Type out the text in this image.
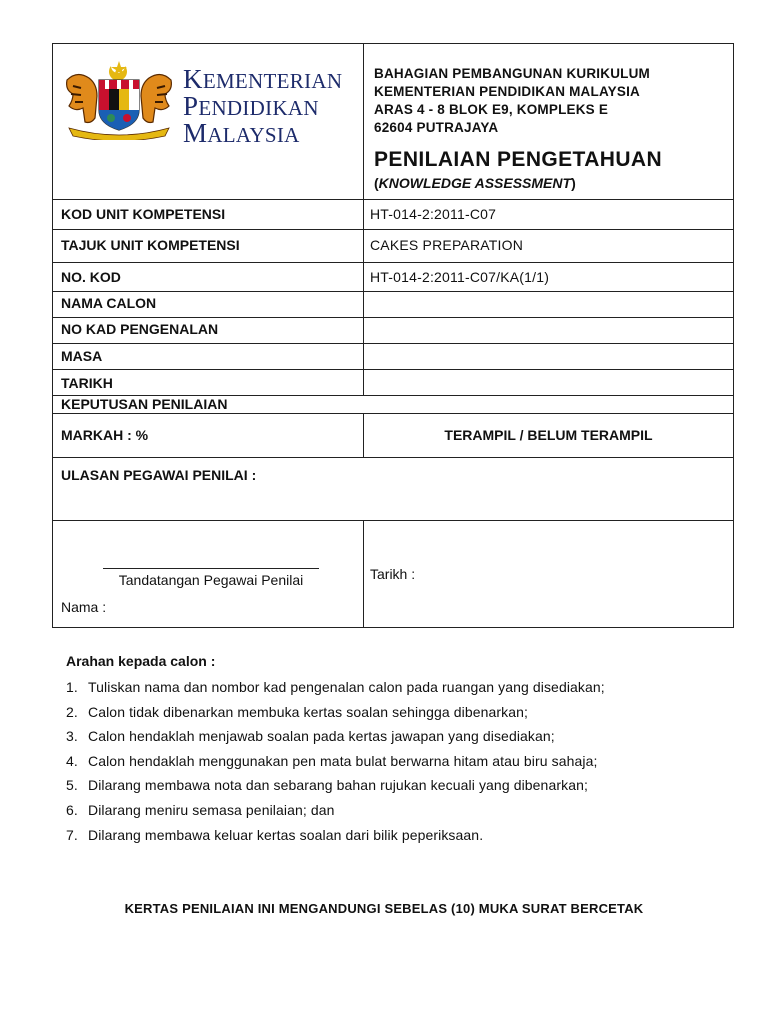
KEMENTERIAN
PENDIDIKAN
MALAYSIA
BAHAGIAN PEMBANGUNAN KURIKULUM
KEMENTERIAN PENDIDIKAN MALAYSIA
ARAS 4 - 8 BLOK E9, KOMPLEKS E
62604 PUTRAJAYA
PENILAIAN PENGETAHUAN
(KNOWLEDGE ASSESSMENT)
KOD UNIT KOMPETENSI	HT-014-2:2011-C07
TAJUK UNIT KOMPETENSI	CAKES PREPARATION
NO. KOD	HT-014-2:2011-C07/KA(1/1)
NAMA CALON
NO KAD PENGENALAN
MASA
TARIKH
KEPUTUSAN PENILAIAN
MARKAH : %	TERAMPIL / BELUM TERAMPIL
ULASAN PEGAWAI PENILAI :
Tandatangan Pegawai Penilai
Nama :
Tarikh :
Arahan kepada calon :
1. Tuliskan nama dan nombor kad pengenalan calon pada ruangan yang disediakan;
2. Calon tidak dibenarkan membuka kertas soalan sehingga dibenarkan;
3. Calon hendaklah menjawab soalan pada kertas jawapan yang disediakan;
4. Calon hendaklah menggunakan pen mata bulat berwarna hitam atau biru sahaja;
5. Dilarang membawa nota dan sebarang bahan rujukan kecuali yang dibenarkan;
6. Dilarang meniru semasa penilaian; dan
7. Dilarang membawa keluar kertas soalan dari bilik peperiksaan.
KERTAS PENILAIAN INI MENGANDUNGI SEBELAS (10) MUKA SURAT BERCETAK
